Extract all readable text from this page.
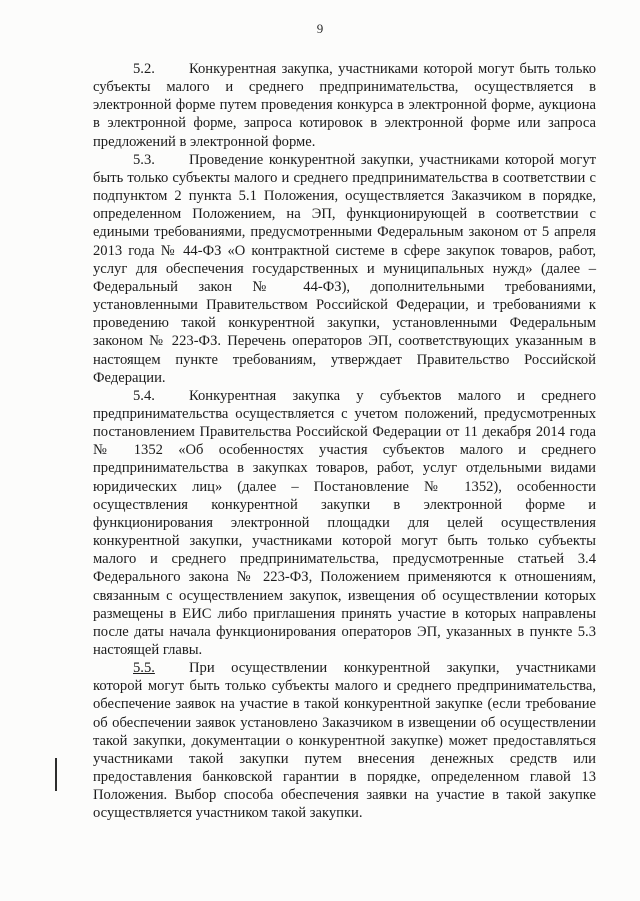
9

5.2. Конкурентная закупка, участниками которой могут быть только субъекты малого и среднего предпринимательства, осуществляется в электронной форме путем проведения конкурса в электронной форме, аукциона в электронной форме, запроса котировок в электронной форме или запроса предложений в электронной форме.

5.3. Проведение конкурентной закупки, участниками которой могут быть только субъекты малого и среднего предпринимательства в соответствии с подпунктом 2 пункта 5.1 Положения, осуществляется Заказчиком в порядке, определенном Положением, на ЭП, функционирующей в соответствии с едиными требованиями, предусмотренными Федеральным законом от 5 апреля 2013 года № 44-ФЗ «О контрактной системе в сфере закупок товаров, работ, услуг для обеспечения государственных и муниципальных нужд» (далее – Федеральный закон № 44-ФЗ), дополнительными требованиями, установленными Правительством Российской Федерации, и требованиями к проведению такой конкурентной закупки, установленными Федеральным законом № 223-ФЗ. Перечень операторов ЭП, соответствующих указанным в настоящем пункте требованиям, утверждает Правительство Российской Федерации.

5.4. Конкурентная закупка у субъектов малого и среднего предпринимательства осуществляется с учетом положений, предусмотренных постановлением Правительства Российской Федерации от 11 декабря 2014 года № 1352 «Об особенностях участия субъектов малого и среднего предпринимательства в закупках товаров, работ, услуг отдельными видами юридических лиц» (далее – Постановление № 1352), особенности осуществления конкурентной закупки в электронной форме и функционирования электронной площадки для целей осуществления конкурентной закупки, участниками которой могут быть только субъекты малого и среднего предпринимательства, предусмотренные статьей 3.4 Федерального закона № 223-ФЗ, Положением применяются к отношениям, связанным с осуществлением закупок, извещения об осуществлении которых размещены в ЕИС либо приглашения принять участие в которых направлены после даты начала функционирования операторов ЭП, указанных в пункте 5.3 настоящей главы.

5.5. При осуществлении конкурентной закупки, участниками которой могут быть только субъекты малого и среднего предпринимательства, обеспечение заявок на участие в такой конкурентной закупке (если требование об обеспечении заявок установлено Заказчиком в извещении об осуществлении такой закупки, документации о конкурентной закупке) может предоставляться участниками такой закупки путем внесения денежных средств или предоставления банковской гарантии в порядке, определенном главой 13 Положения. Выбор способа обеспечения заявки на участие в такой закупке осуществляется участником такой закупки.
